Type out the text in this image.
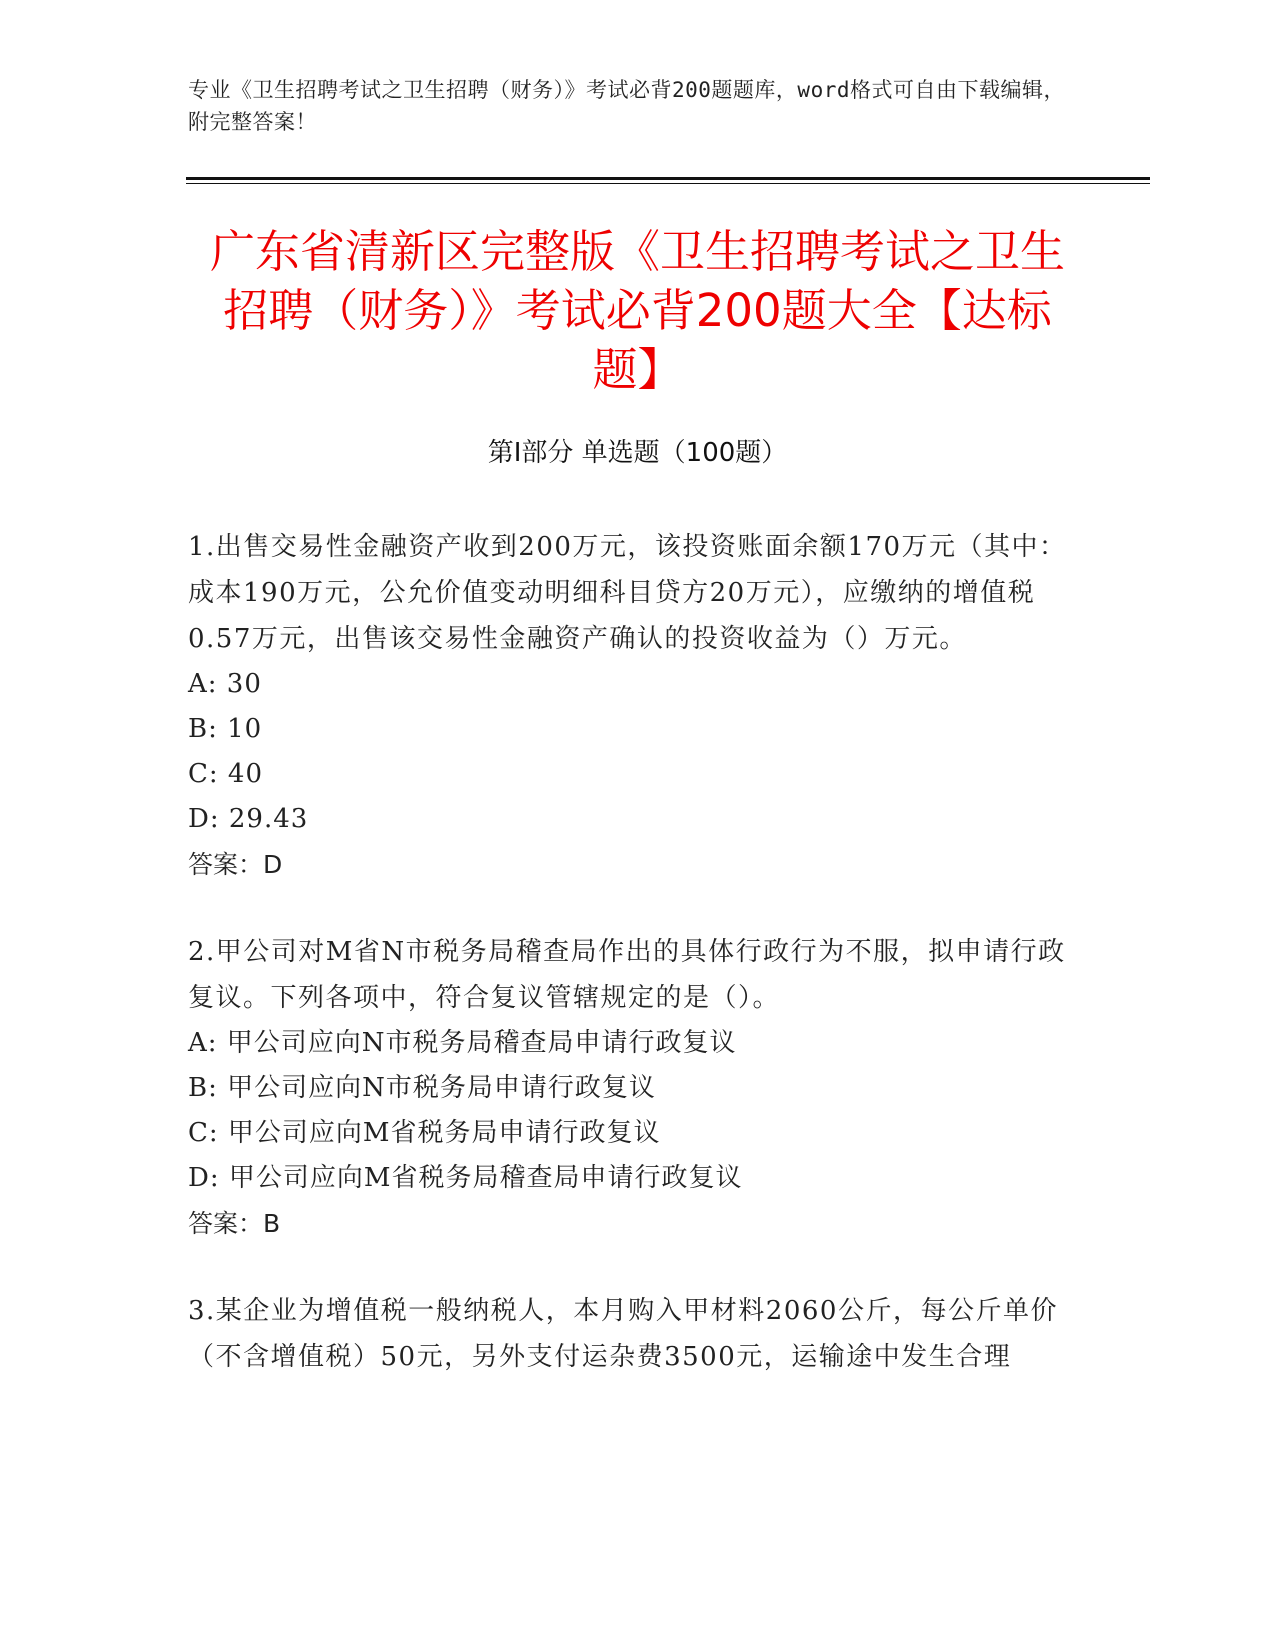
专业《卫生招聘考试之卫生招聘（财务）》考试必背200题题库，word格式可自由下载编辑，附完整答案！
广东省清新区完整版《卫生招聘考试之卫生招聘（财务）》考试必背200题大全【达标题】
第Ⅰ部分 单选题（100题）
1.出售交易性金融资产收到200万元，该投资账面余额170万元（其中：成本190万元，公允价值变动明细科目贷方20万元），应缴纳的增值税0.57万元，出售该交易性金融资产确认的投资收益为（）万元。
A: 30
B: 10
C: 40
D: 29.43
答案：D
2.甲公司对M省N市税务局稽查局作出的具体行政行为不服，拟申请行政复议。下列各项中，符合复议管辖规定的是（）。
A: 甲公司应向N市税务局稽查局申请行政复议
B: 甲公司应向N市税务局申请行政复议
C: 甲公司应向M省税务局申请行政复议
D: 甲公司应向M省税务局稽查局申请行政复议
答案：B
3.某企业为增值税一般纳税人，本月购入甲材料2060公斤，每公斤单价（不含增值税）50元，另外支付运杂费3500元，运输途中发生合理
